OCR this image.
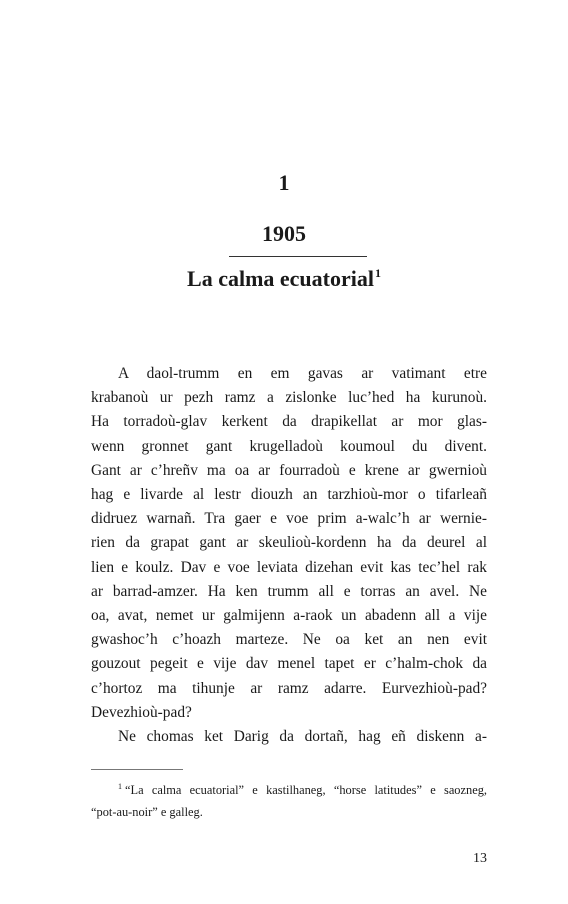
1
1905
La calma ecuatorial$^1$
A daol-trumm en em gavas ar vatimant etre
krabanoù ur pezh ramz a zislonke luc’hed ha kurunoù.
Ha torradoù-glav kerkent da drapikellat ar mor glas-
wenn gronnet gant krugelladoù koumoul du divent.
Gant ar c’hreñv ma oa ar fourradoù e krene ar gwernioù
hag e livarde al lestr diouzh an tarzhioù-mor o tifarleañ
didruez warnañ. Tra gaer e voe prim a-walc’h ar wernie-
rien da grapat gant ar skeulioù-kordenn ha da deurel al
lien e koulz. Dav e voe leviata dizehan evit kas tec’hel rak
ar barrad-amzer. Ha ken trumm all e torras an avel. Ne
oa, avat, nemet ur galmijenn a-raok un abadenn all a vije
gwashoc’h c’hoazh marteze. Ne oa ket an nen evit
gouzout pegeit e vije dav menel tapet er c’halm-chok da
c’hortoz ma tihunje ar ramz adarre. Eurvezhioù-pad?
Devezhioù-pad?
Ne chomas ket Darig da dortañ, hag eñ diskenn a-
$^1$ “La calma ecuatorial” e kastilhaneg, “horse latitudes” e saozneg,
“pot-au-noir” e galleg.
13
